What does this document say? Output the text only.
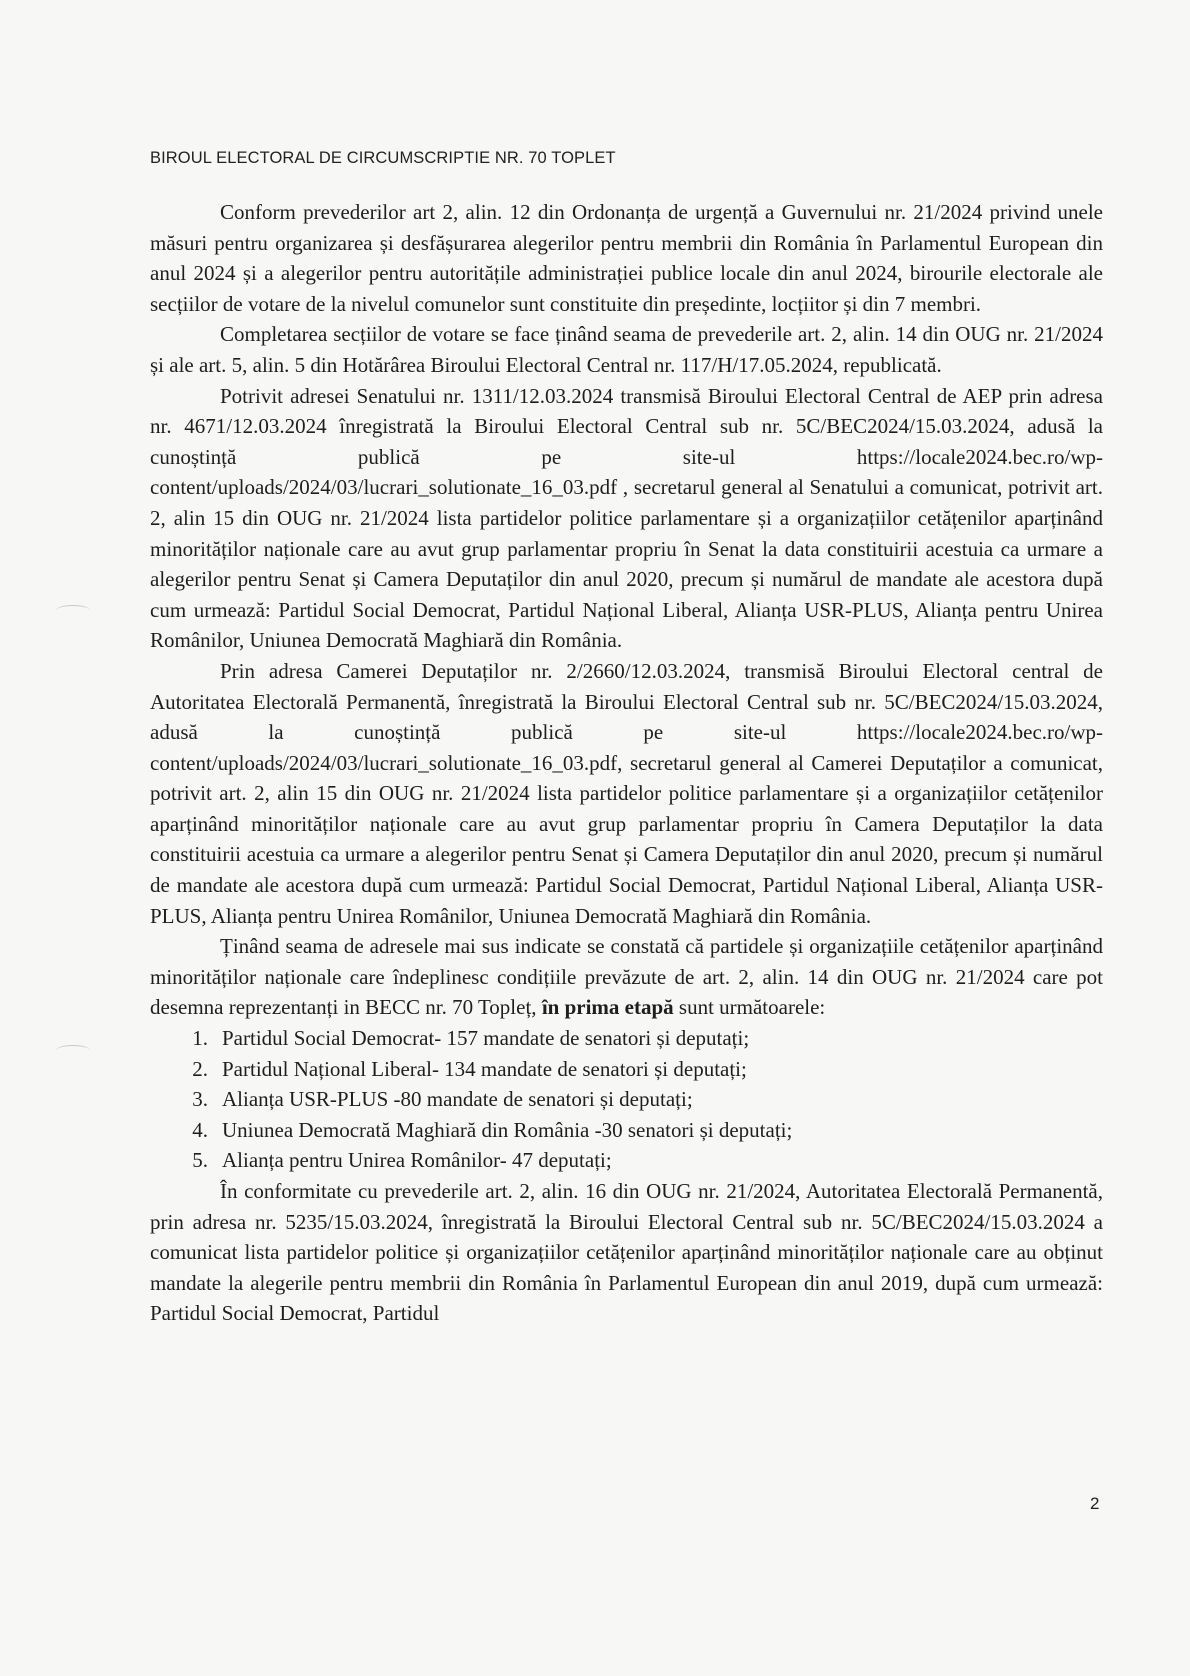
BIROUL ELECTORAL DE CIRCUMSCRIPTIE NR. 70 TOPLET

Conform prevederilor art 2, alin. 12 din Ordonanța de urgență a Guvernului nr. 21/2024 privind unele măsuri pentru organizarea și desfășurarea alegerilor pentru membrii din România în Parlamentul European din anul 2024 și a alegerilor pentru autoritățile administrației publice locale din anul 2024, birourile electorale ale secțiilor de votare de la nivelul comunelor sunt constituite din președinte, locțiitor și din 7 membri.

Completarea secțiilor de votare se face ținând seama de prevederile art. 2, alin. 14 din OUG nr. 21/2024 și ale art. 5, alin. 5 din Hotărârea Biroului Electoral Central nr. 117/H/17.05.2024, republicată.

Potrivit adresei Senatului nr. 1311/12.03.2024 transmisă Biroului Electoral Central de AEP prin adresa nr. 4671/12.03.2024 înregistrată la Biroului Electoral Central sub nr. 5C/BEC2024/15.03.2024, adusă la cunoștință publică pe site-ul https://locale2024.bec.ro/wp-content/uploads/2024/03/lucrari_solutionate_16_03.pdf , secretarul general al Senatului a comunicat, potrivit art. 2, alin 15 din OUG nr. 21/2024 lista partidelor politice parlamentare și a organizațiilor cetățenilor aparținând minorităților naționale care au avut grup parlamentar propriu în Senat la data constituirii acestuia ca urmare a alegerilor pentru Senat și Camera Deputaților din anul 2020, precum și numărul de mandate ale acestora după cum urmează: Partidul Social Democrat, Partidul Național Liberal, Alianța USR-PLUS, Alianța pentru Unirea Românilor, Uniunea Democrată Maghiară din România.

Prin adresa Camerei Deputaților nr. 2/2660/12.03.2024, transmisă Biroului Electoral central de Autoritatea Electorală Permanentă, înregistrată la Biroului Electoral Central sub nr. 5C/BEC2024/15.03.2024, adusă la cunoștință publică pe site-ul https://locale2024.bec.ro/wp-content/uploads/2024/03/lucrari_solutionate_16_03.pdf, secretarul general al Camerei Deputaților a comunicat, potrivit art. 2, alin 15 din OUG nr. 21/2024 lista partidelor politice parlamentare și a organizațiilor cetățenilor aparținând minorităților naționale care au avut grup parlamentar propriu în Camera Deputaților la data constituirii acestuia ca urmare a alegerilor pentru Senat și Camera Deputaților din anul 2020, precum și numărul de mandate ale acestora după cum urmează: Partidul Social Democrat, Partidul Național Liberal, Alianța USR-PLUS, Alianța pentru Unirea Românilor, Uniunea Democrată Maghiară din România.

Ținând seama de adresele mai sus indicate se constată că partidele și organizațiile cetățenilor aparținând minorităților naționale care îndeplinesc condițiile prevăzute de art. 2, alin. 14 din OUG nr. 21/2024 care pot desemna reprezentanți in BECC nr. 70 Topleț, în prima etapă sunt următoarele:

1. Partidul Social Democrat- 157 mandate de senatori și deputați;
2. Partidul Național Liberal- 134 mandate de senatori și deputați;
3. Alianța USR-PLUS -80 mandate de senatori și deputați;
4. Uniunea Democrată Maghiară din România -30 senatori și deputați;
5. Alianța pentru Unirea Românilor- 47 deputați;

În conformitate cu prevederile art. 2, alin. 16 din OUG nr. 21/2024, Autoritatea Electorală Permanentă, prin adresa nr. 5235/15.03.2024, înregistrată la Biroului Electoral Central sub nr. 5C/BEC2024/15.03.2024 a comunicat lista partidelor politice și organizațiilor cetățenilor aparținând minorităților naționale care au obținut mandate la alegerile pentru membrii din România în Parlamentul European din anul 2019, după cum urmează: Partidul Social Democrat, Partidul

2
